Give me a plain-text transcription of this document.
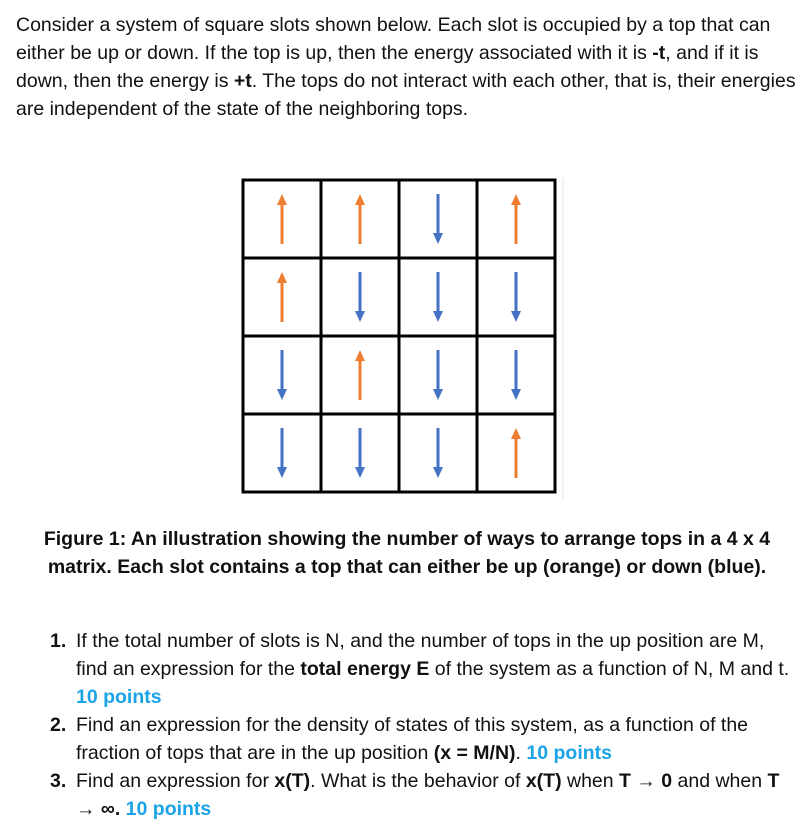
Consider a system of square slots shown below. Each slot is occupied by a top that can either be up or down. If the top is up, then the energy associated with it is -t, and if it is down, then the energy is +t. The tops do not interact with each other, that is, their energies are independent of the state of the neighboring tops.

Figure 1: An illustration showing the number of ways to arrange tops in a 4 x 4 matrix. Each slot contains a top that can either be up (orange) or down (blue).

1. If the total number of slots is N, and the number of tops in the up position are M, find an expression for the total energy E of the system as a function of N, M and t. 10 points
2. Find an expression for the density of states of this system, as a function of the fraction of tops that are in the up position (x = M/N). 10 points
3. Find an expression for x(T). What is the behavior of x(T) when T → 0 and when T → ∞. 10 points
